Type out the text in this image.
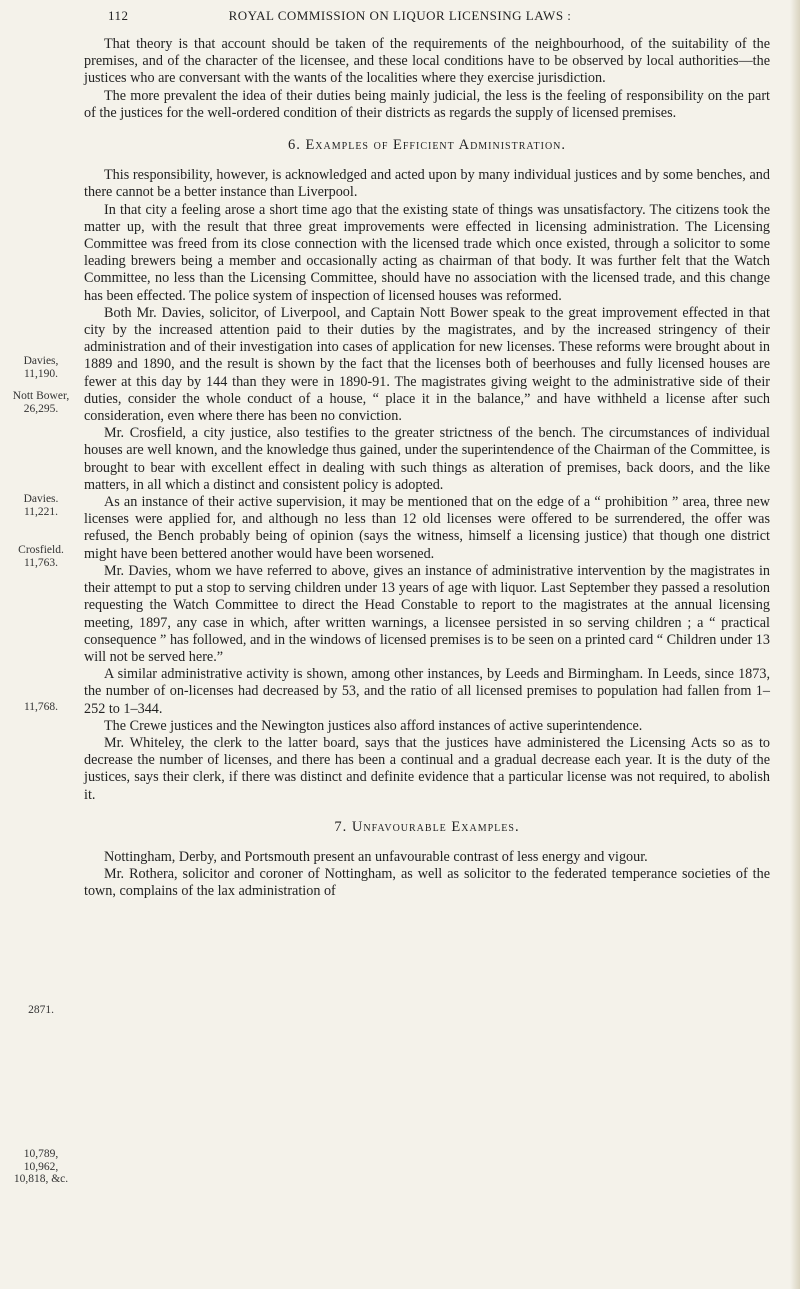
112	ROYAL COMMISSION ON LIQUOR LICENSING LAWS :
Davies,
11,190.
Nott Bower,
26,295.
Davies.
11,221.
Crosfield.
11,763.
11,768.
2871.
10,789,
10,962,
10,818, &c.

That theory is that account should be taken of the requirements of the neighbourhood, of the suitability of the premises, and of the character of the licensee, and these local conditions have to be observed by local authorities—the justices who are conversant with the wants of the localities where they exercise jurisdiction.

The more prevalent the idea of their duties being mainly judicial, the less is the feeling of responsibility on the part of the justices for the well-ordered condition of their districts as regards the supply of licensed premises.

6. Examples of Efficient Administration.

This responsibility, however, is acknowledged and acted upon by many individual justices and by some benches, and there cannot be a better instance than Liverpool.

In that city a feeling arose a short time ago that the existing state of things was unsatisfactory. The citizens took the matter up, with the result that three great improvements were effected in licensing administration. The Licensing Committee was freed from its close connection with the licensed trade which once existed, through a solicitor to some leading brewers being a member and occasionally acting as chairman of that body. It was further felt that the Watch Committee, no less than the Licensing Committee, should have no association with the licensed trade, and this change has been effected. The police system of inspection of licensed houses was reformed.

Both Mr. Davies, solicitor, of Liverpool, and Captain Nott Bower speak to the great improvement effected in that city by the increased attention paid to their duties by the magistrates, and by the increased stringency of their administration and of their investigation into cases of application for new licenses. These reforms were brought about in 1889 and 1890, and the result is shown by the fact that the licenses both of beerhouses and fully licensed houses are fewer at this day by 144 than they were in 1890-91. The magistrates giving weight to the administrative side of their duties, consider the whole conduct of a house, “ place it in the balance,” and have withheld a license after such consideration, even where there has been no conviction.

Mr. Crosfield, a city justice, also testifies to the greater strictness of the bench. The circumstances of individual houses are well known, and the knowledge thus gained, under the superintendence of the Chairman of the Committee, is brought to bear with excellent effect in dealing with such things as alteration of premises, back doors, and the like matters, in all which a distinct and consistent policy is adopted.

As an instance of their active supervision, it may be mentioned that on the edge of a “ prohibition ” area, three new licenses were applied for, and although no less than 12 old licenses were offered to be surrendered, the offer was refused, the Bench probably being of opinion (says the witness, himself a licensing justice) that though one district might have been bettered another would have been worsened.

Mr. Davies, whom we have referred to above, gives an instance of administrative intervention by the magistrates in their attempt to put a stop to serving children under 13 years of age with liquor. Last September they passed a resolution requesting the Watch Committee to direct the Head Constable to report to the magistrates at the annual licensing meeting, 1897, any case in which, after written warnings, a licensee persisted in so serving children ; a “ practical consequence ” has followed, and in the windows of licensed premises is to be seen on a printed card “ Children under 13 will not be served here.”

A similar administrative activity is shown, among other instances, by Leeds and Birmingham. In Leeds, since 1873, the number of on-licenses had decreased by 53, and the ratio of all licensed premises to population had fallen from 1–252 to 1–344.

The Crewe justices and the Newington justices also afford instances of active superintendence.

Mr. Whiteley, the clerk to the latter board, says that the justices have administered the Licensing Acts so as to decrease the number of licenses, and there has been a continual and a gradual decrease each year. It is the duty of the justices, says their clerk, if there was distinct and definite evidence that a particular license was not required, to abolish it.

7. Unfavourable Examples.

Nottingham, Derby, and Portsmouth present an unfavourable contrast of less energy and vigour.

Mr. Rothera, solicitor and coroner of Nottingham, as well as solicitor to the federated temperance societies of the town, complains of the lax administration of
